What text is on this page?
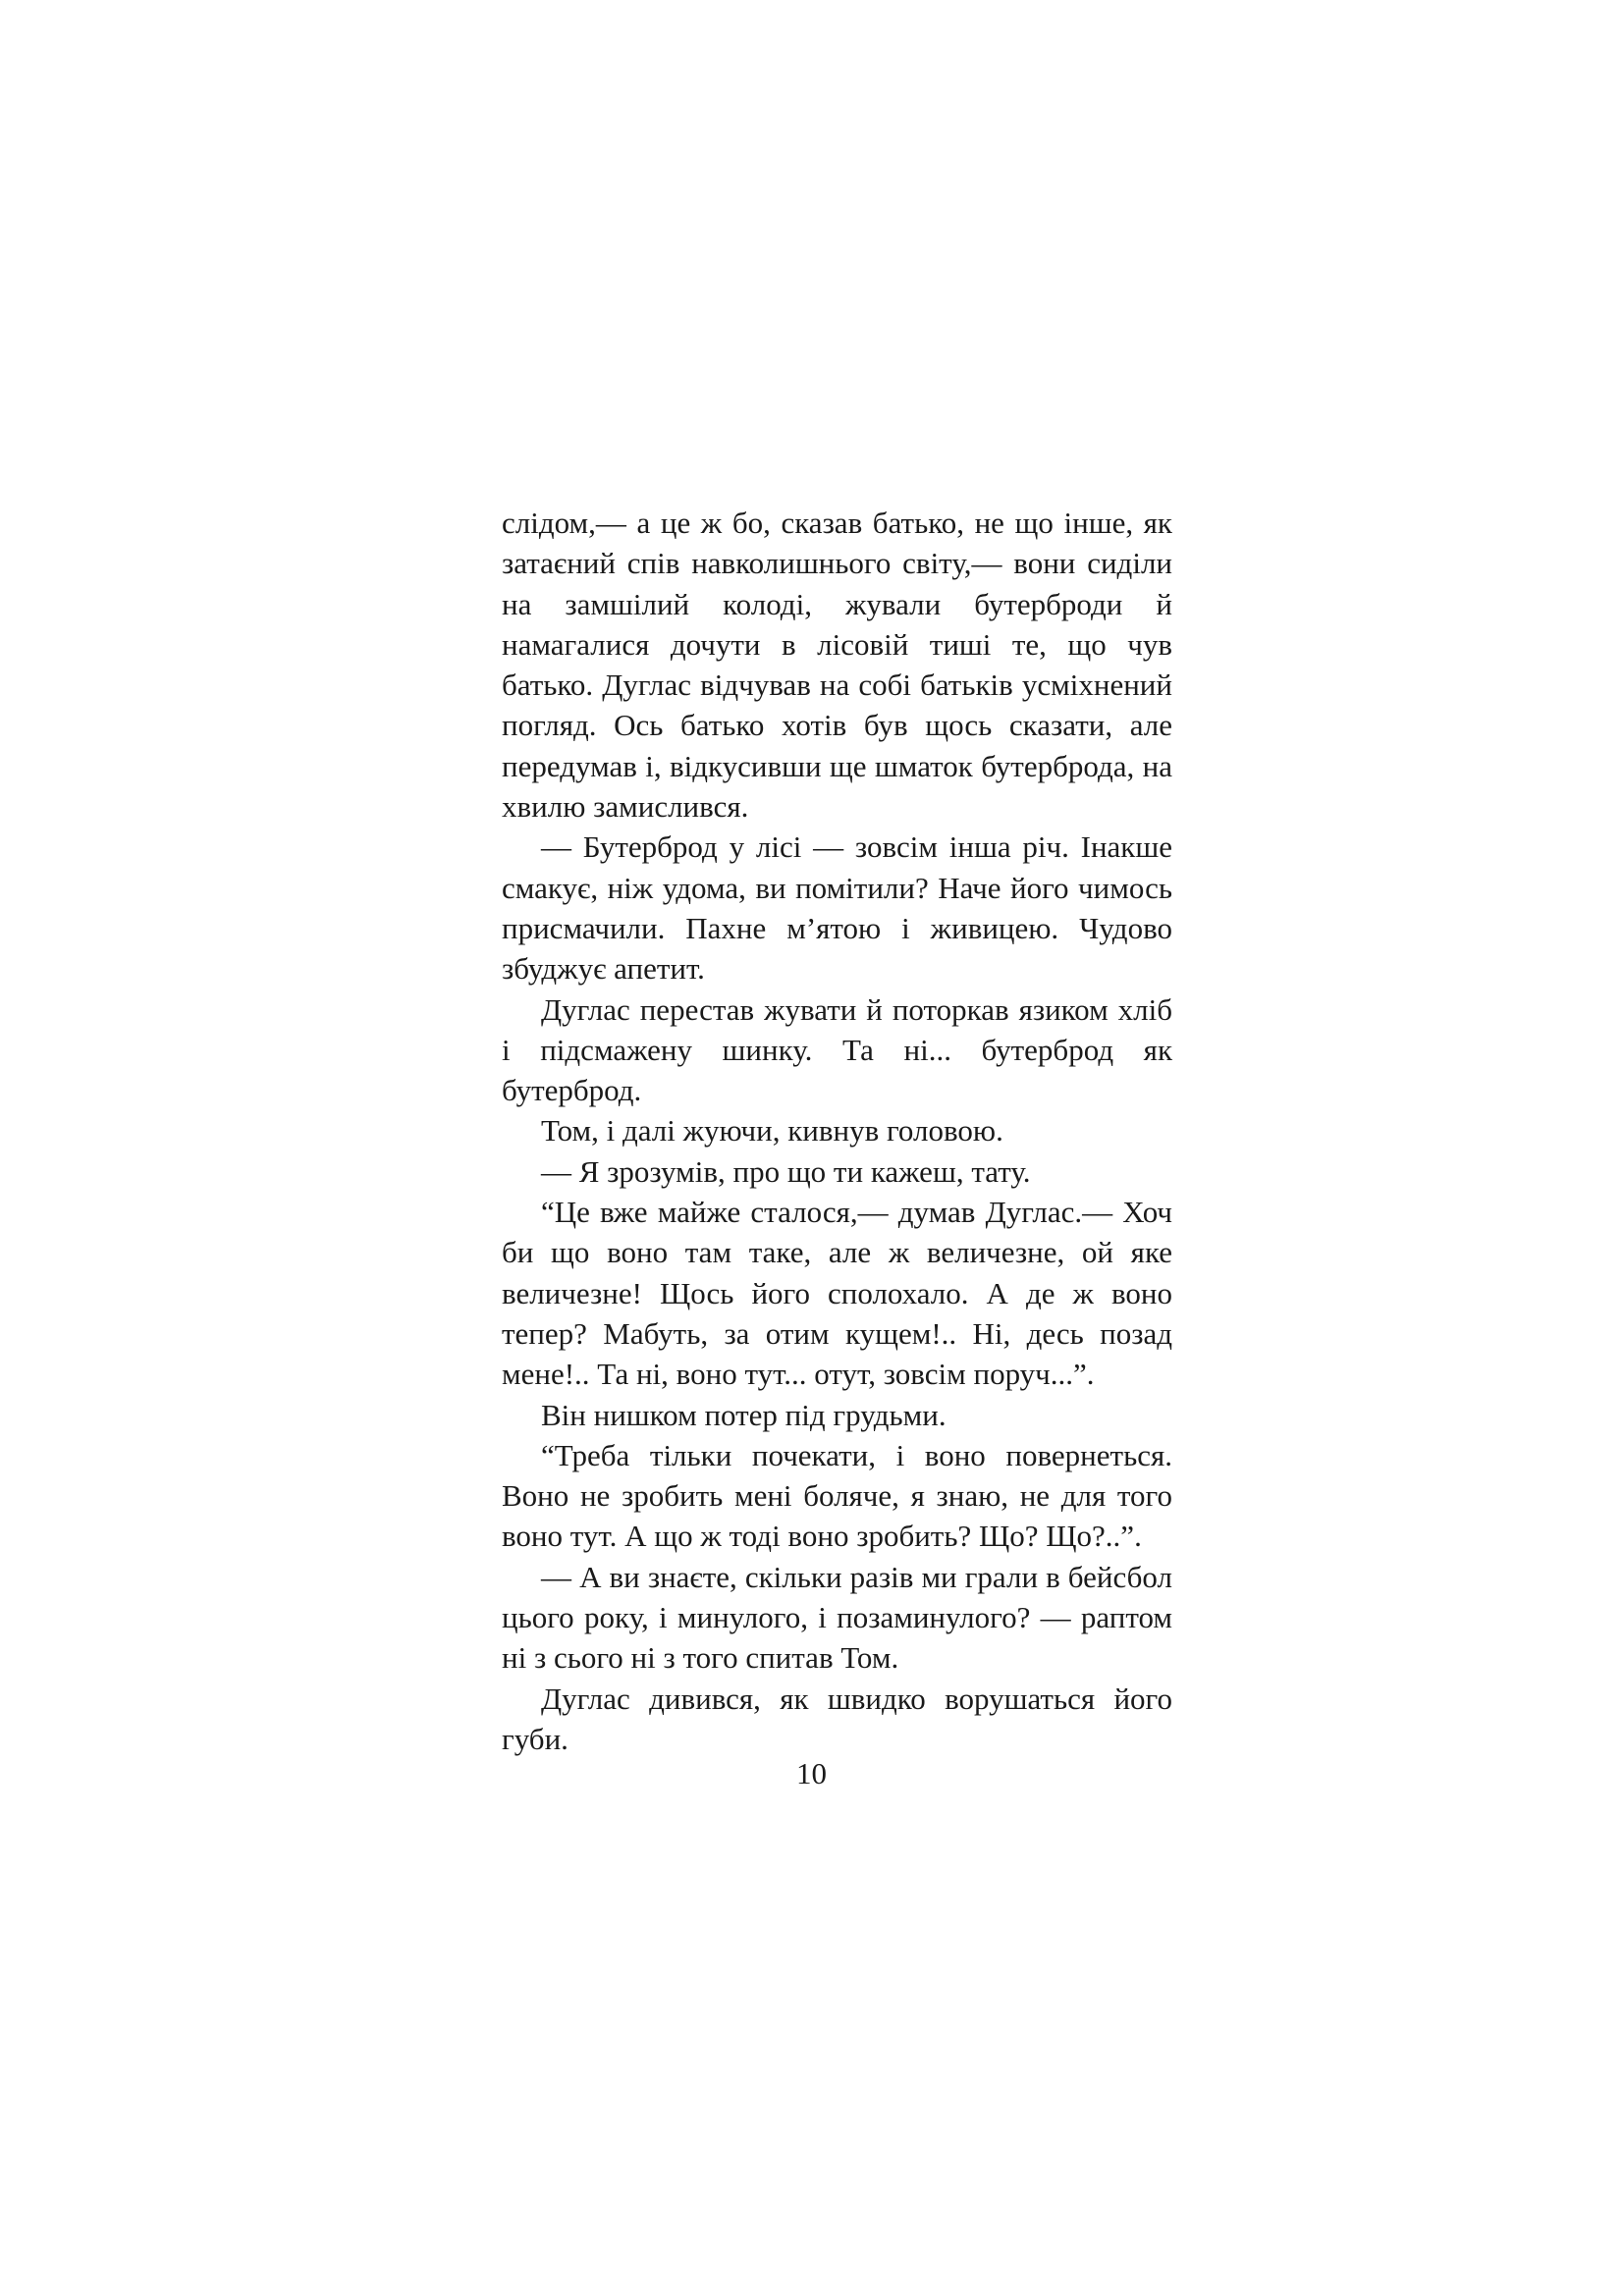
слідом,— а це ж бо, сказав батько, не що інше, як затаєний спів навколишнього світу,— вони сиділи на замшілий колоді, жували бутерброди й намагалися дочути в лісовій тиші те, що чув батько. Дуглас відчував на собі батьків усміхнений погляд. Ось батько хотів був щось сказати, але передумав і, відкусивши ще шматок бутерброда, на хвилю замислився.

— Бутерброд у лісі — зовсім інша річ. Інакше смакує, ніж удома, ви помітили? Наче його чимось присмачили. Пахне м’ятою і живицею. Чудово збуджує апетит.

Дуглас перестав жувати й поторкав язиком хліб і підсмажену шинку. Та ні... бутерброд як бутерброд.

Том, і далі жуючи, кивнув головою.

— Я зрозумів, про що ти кажеш, тату.

“Це вже майже сталося,— думав Дуглас.— Хоч би що воно там таке, але ж величезне, ой яке величезне! Щось його сполохало. А де ж воно тепер? Мабуть, за отим кущем!.. Ні, десь позад мене!.. Та ні, воно тут... отут, зовсім поруч...”.

Він нишком потер під грудьми.

“Треба тільки почекати, і воно повернеться. Воно не зробить мені боляче, я знаю, не для того воно тут. А що ж тоді воно зробить? Що? Що?..”.

— А ви знаєте, скільки разів ми грали в бейсбол цього року, і минулого, і позаминулого? — раптом ні з сього ні з того спитав Том.

Дуглас дивився, як швидко ворушаться його губи.

10
